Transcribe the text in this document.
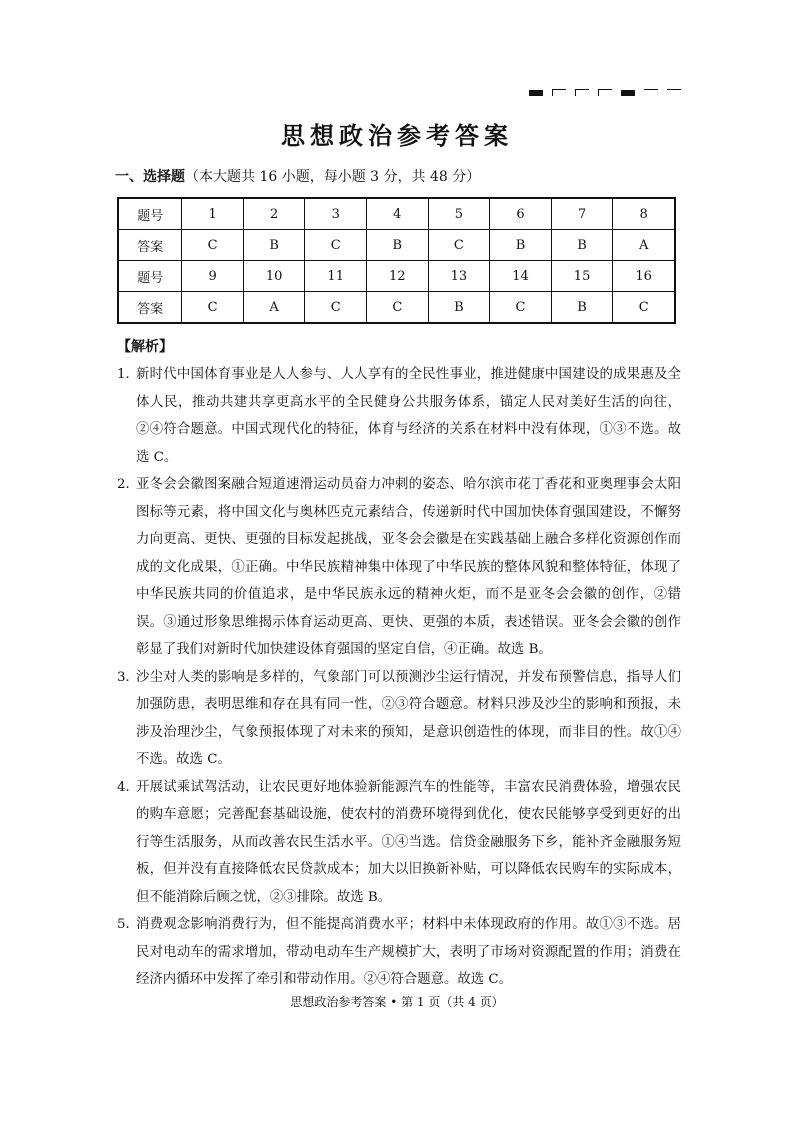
思想政治参考答案
一、选择题（本大题共 16 小题，每小题 3 分，共 48 分）
题号	1	2	3	4	5	6	7	8
答案	C	B	C	B	C	B	B	A
题号	9	10	11	12	13	14	15	16
答案	C	A	C	C	B	C	B	C
【解析】
1．
新时代中国体育事业是人人参与、人人享有的全民性事业，推进健康中国建设的成果惠及全体人民，推动共建共享更高水平的全民健身公共服务体系，锚定人民对美好生活的向往，②④符合题意。中国式现代化的特征，体育与经济的关系在材料中没有体现，①③不选。故选 C。
2．
亚冬会会徽图案融合短道速滑运动员奋力冲刺的姿态、哈尔滨市花丁香花和亚奥理事会太阳图标等元素，将中国文化与奥林匹克元素结合，传递新时代中国加快体育强国建设，不懈努力向更高、更快、更强的目标发起挑战，亚冬会会徽是在实践基础上融合多样化资源创作而成的文化成果，①正确。中华民族精神集中体现了中华民族的整体风貌和整体特征，体现了中华民族共同的价值追求，是中华民族永远的精神火炬，而不是亚冬会会徽的创作，②错误。③通过形象思维揭示体育运动更高、更快、更强的本质，表述错误。亚冬会会徽的创作彰显了我们对新时代加快建设体育强国的坚定自信，④正确。故选 B。
3．
沙尘对人类的影响是多样的，气象部门可以预测沙尘运行情况，并发布预警信息，指导人们加强防患，表明思维和存在具有同一性，②③符合题意。材料只涉及沙尘的影响和预报，未涉及治理沙尘，气象预报体现了对未来的预知，是意识创造性的体现，而非目的性。故①④不选。故选 C。
4．
开展试乘试驾活动，让农民更好地体验新能源汽车的性能等，丰富农民消费体验，增强农民的购车意愿；完善配套基础设施，使农村的消费环境得到优化，使农民能够享受到更好的出行等生活服务，从而改善农民生活水平。①④当选。信贷金融服务下乡，能补齐金融服务短板，但并没有直接降低农民贷款成本；加大以旧换新补贴，可以降低农民购车的实际成本，但不能消除后顾之忧，②③排除。故选 B。
5．
消费观念影响消费行为，但不能提高消费水平；材料中未体现政府的作用。故①③不选。居民对电动车的需求增加，带动电动车生产规模扩大，表明了市场对资源配置的作用；消费在经济内循环中发挥了牵引和带动作用。②④符合题意。故选 C。
思想政治参考答案 • 第 1 页（共 4 页）
